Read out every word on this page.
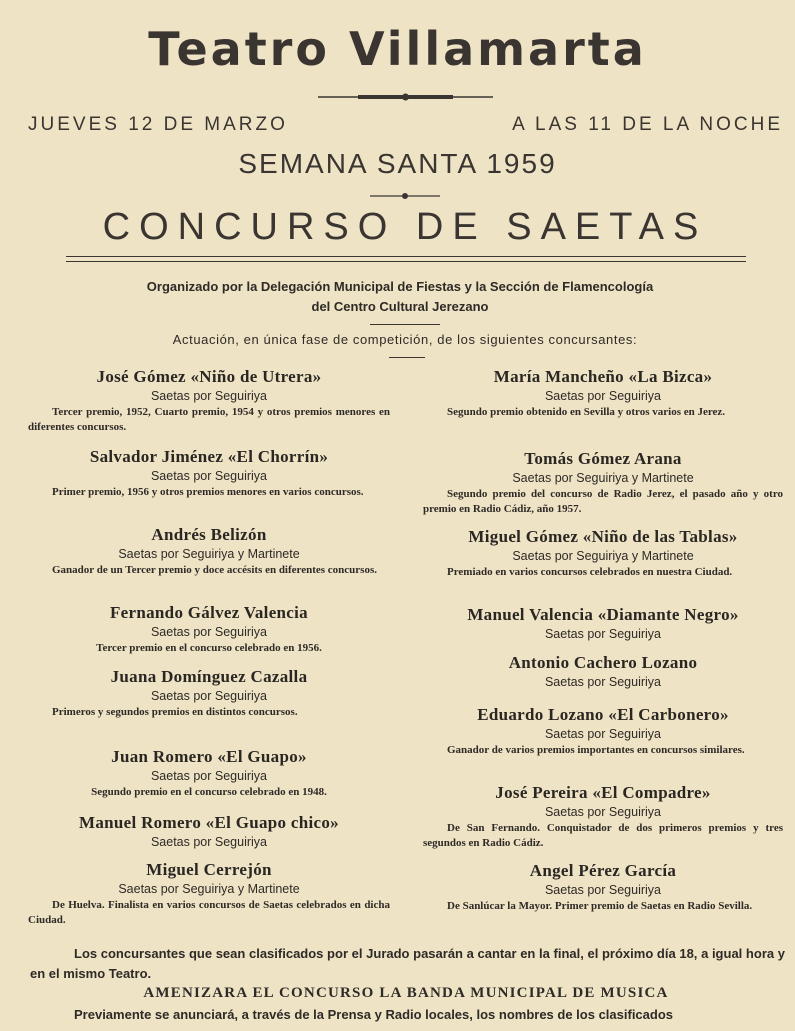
Teatro Villamarta
JUEVES 12 DE MARZO	A LAS 11 DE LA NOCHE
SEMANA SANTA 1959
CONCURSO DE SAETAS
Organizado por la Delegación Municipal de Fiestas y la Sección de Flamencología
del Centro Cultural Jerezano
Actuación, en única fase de competición, de los siguientes concursantes:
José Gómez «Niño de Utrera»
Saetas por Seguiriya
Tercer premio, 1952, Cuarto premio, 1954 y otros premios menores en diferentes concursos.
Salvador Jiménez «El Chorrín»
Saetas por Seguiriya
Primer premio, 1956 y otros premios menores en varios concursos.
Andrés Belizón
Saetas por Seguiriya y Martinete
Ganador de un Tercer premio y doce accésits en diferentes concursos.
Fernando Gálvez Valencia
Saetas por Seguiriya
Tercer premio en el concurso celebrado en 1956.
Juana Domínguez Cazalla
Saetas por Seguiriya
Primeros y segundos premios en distintos concursos.
Juan Romero «El Guapo»
Saetas por Seguiriya
Segundo premio en el concurso celebrado en 1948.
Manuel Romero «El Guapo chico»
Saetas por Seguiriya
Miguel Cerrejón
Saetas por Seguiriya y Martinete
De Huelva. Finalista en varios concursos de Saetas celebrados en dicha Ciudad.
María Mancheño «La Bizca»
Saetas por Seguiriya
Segundo premio obtenido en Sevilla y otros varios en Jerez.
Tomás Gómez Arana
Saetas por Seguiriya y Martinete
Segundo premio del concurso de Radio Jerez, el pasado año y otro premio en Radio Cádiz, año 1957.
Miguel Gómez «Niño de las Tablas»
Saetas por Seguiriya y Martinete
Premiado en varios concursos celebrados en nuestra Ciudad.
Manuel Valencia «Diamante Negro»
Saetas por Seguiriya
Antonio Cachero Lozano
Saetas por Seguiriya
Eduardo Lozano «El Carbonero»
Saetas por Seguiriya
Ganador de varios premios importantes en concursos similares.
José Pereira «El Compadre»
Saetas por Seguiriya
De San Fernando. Conquistador de dos primeros premios y tres segundos en Radio Cádiz.
Angel Pérez García
Saetas por Seguiriya
De Sanlúcar la Mayor. Primer premio de Saetas en Radio Sevilla.
Los concursantes que sean clasificados por el Jurado pasarán a cantar en la final, el próximo día 18, a igual hora y en el mismo Teatro.
AMENIZARA EL CONCURSO LA BANDA MUNICIPAL DE MUSICA
Previamente se anunciará, a través de la Prensa y Radio locales, los nombres de los clasificados
